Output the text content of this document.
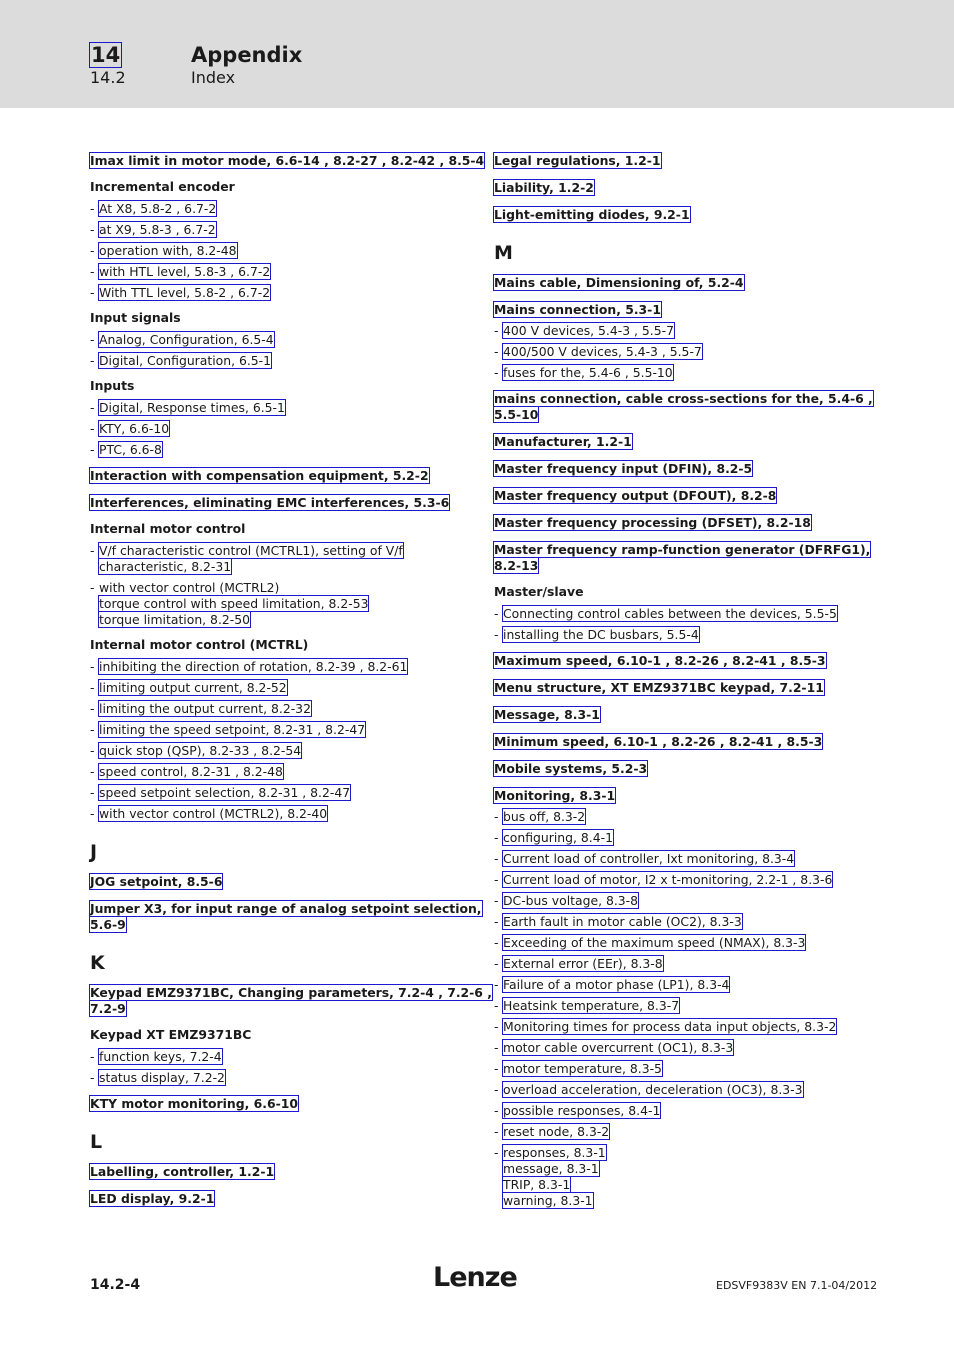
14	Appendix
14.2	Index
Imax limit in motor mode, 6.6-14 , 8.2-27 , 8.2-42 , 8.5-4
Incremental encoder
- At X8, 5.8-2 , 6.7-2
- at X9, 5.8-3 , 6.7-2
- operation with, 8.2-48
- with HTL level, 5.8-3 , 6.7-2
- With TTL level, 5.8-2 , 6.7-2
Input signals
- Analog, Configuration, 6.5-4
- Digital, Configuration, 6.5-1
Inputs
- Digital, Response times, 6.5-1
- KTY, 6.6-10
- PTC, 6.6-8
Interaction with compensation equipment, 5.2-2
Interferences, eliminating EMC interferences, 5.3-6
Internal motor control
- V/f characteristic control (MCTRL1), setting of V/f
characteristic, 8.2-31
- with vector control (MCTRL2)
torque control with speed limitation, 8.2-53
torque limitation, 8.2-50
Internal motor control (MCTRL)
- inhibiting the direction of rotation, 8.2-39 , 8.2-61
- limiting output current, 8.2-52
- limiting the output current, 8.2-32
- limiting the speed setpoint, 8.2-31 , 8.2-47
- quick stop (QSP), 8.2-33 , 8.2-54
- speed control, 8.2-31 , 8.2-48
- speed setpoint selection, 8.2-31 , 8.2-47
- with vector control (MCTRL2), 8.2-40
J
JOG setpoint, 8.5-6
Jumper X3, for input range of analog setpoint selection,
5.6-9
K
Keypad EMZ9371BC, Changing parameters, 7.2-4 , 7.2-6 ,
7.2-9
Keypad XT EMZ9371BC
- function keys, 7.2-4
- status display, 7.2-2
KTY motor monitoring, 6.6-10
L
Labelling, controller, 1.2-1
LED display, 9.2-1
Legal regulations, 1.2-1
Liability, 1.2-2
Light-emitting diodes, 9.2-1
M
Mains cable, Dimensioning of, 5.2-4
Mains connection, 5.3-1
- 400 V devices, 5.4-3 , 5.5-7
- 400/500 V devices, 5.4-3 , 5.5-7
- fuses for the, 5.4-6 , 5.5-10
mains connection, cable cross-sections for the, 5.4-6 ,
5.5-10
Manufacturer, 1.2-1
Master frequency input (DFIN), 8.2-5
Master frequency output (DFOUT), 8.2-8
Master frequency processing (DFSET), 8.2-18
Master frequency ramp-function generator (DFRFG1),
8.2-13
Master/slave
- Connecting control cables between the devices, 5.5-5
- installing the DC busbars, 5.5-4
Maximum speed, 6.10-1 , 8.2-26 , 8.2-41 , 8.5-3
Menu structure, XT EMZ9371BC keypad, 7.2-11
Message, 8.3-1
Minimum speed, 6.10-1 , 8.2-26 , 8.2-41 , 8.5-3
Mobile systems, 5.2-3
Monitoring, 8.3-1
- bus off, 8.3-2
- configuring, 8.4-1
- Current load of controller, Ixt monitoring, 8.3-4
- Current load of motor, I2 x t-monitoring, 2.2-1 , 8.3-6
- DC-bus voltage, 8.3-8
- Earth fault in motor cable (OC2), 8.3-3
- Exceeding of the maximum speed (NMAX), 8.3-3
- External error (EEr), 8.3-8
- Failure of a motor phase (LP1), 8.3-4
- Heatsink temperature, 8.3-7
- Monitoring times for process data input objects, 8.3-2
- motor cable overcurrent (OC1), 8.3-3
- motor temperature, 8.3-5
- overload acceleration, deceleration (OC3), 8.3-3
- possible responses, 8.4-1
- reset node, 8.3-2
- responses, 8.3-1
message, 8.3-1
TRIP, 8.3-1
warning, 8.3-1
14.2-4	Lenze	EDSVF9383V EN 7.1-04/2012
